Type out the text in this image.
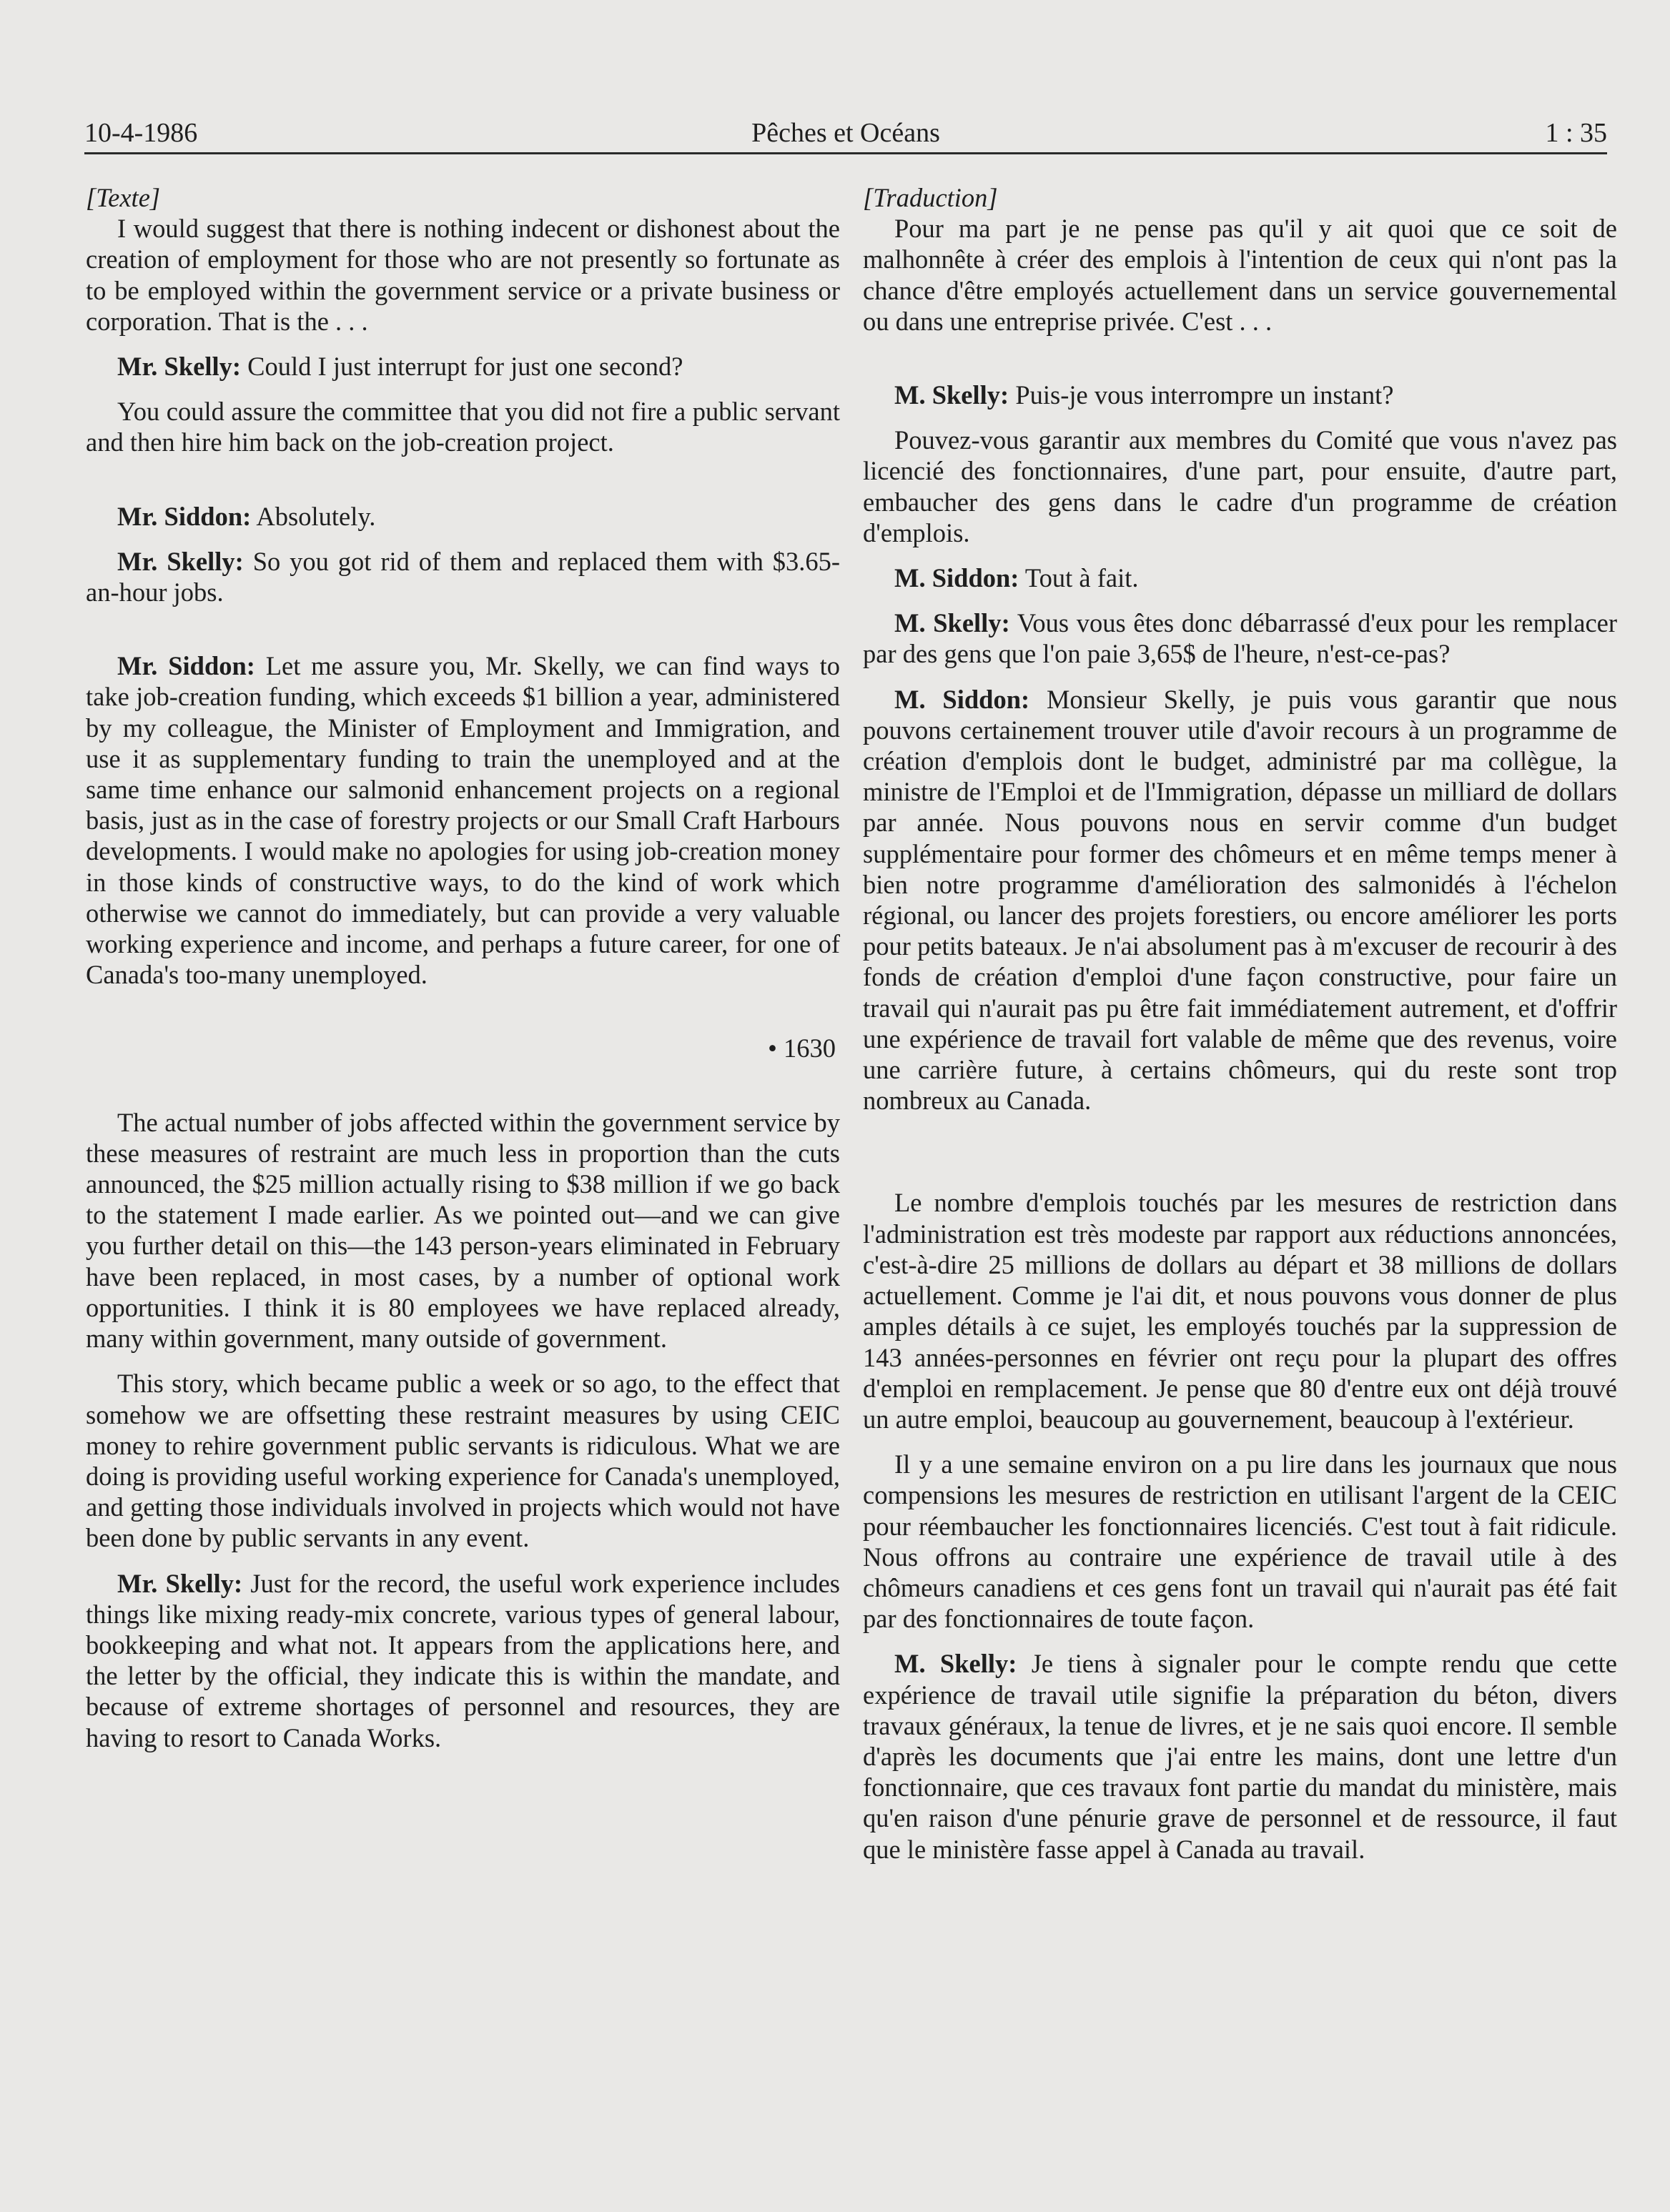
10-4-1986	Pêches et Océans	1 : 35
[Texte]

I would suggest that there is nothing indecent or dishonest about the creation of employment for those who are not presently so fortunate as to be employed within the government service or a private business or corporation. That is the . . .

Mr. Skelly: Could I just interrupt for just one second?

You could assure the committee that you did not fire a public servant and then hire him back on the job-creation project.

Mr. Siddon: Absolutely.

Mr. Skelly: So you got rid of them and replaced them with $3.65-an-hour jobs.

Mr. Siddon: Let me assure you, Mr. Skelly, we can find ways to take job-creation funding, which exceeds $1 billion a year, administered by my colleague, the Minister of Employment and Immigration, and use it as supplementary funding to train the unemployed and at the same time enhance our salmonid enhancement projects on a regional basis, just as in the case of forestry projects or our Small Craft Harbours developments. I would make no apologies for using job-creation money in those kinds of constructive ways, to do the kind of work which otherwise we cannot do immediately, but can provide a very valuable working experience and income, and perhaps a future career, for one of Canada's too-many unemployed.

• 1630

The actual number of jobs affected within the government service by these measures of restraint are much less in proportion than the cuts announced, the $25 million actually rising to $38 million if we go back to the statement I made earlier. As we pointed out—and we can give you further detail on this—the 143 person-years eliminated in February have been replaced, in most cases, by a number of optional work opportunities. I think it is 80 employees we have replaced already, many within government, many outside of government.

This story, which became public a week or so ago, to the effect that somehow we are offsetting these restraint measures by using CEIC money to rehire government public servants is ridiculous. What we are doing is providing useful working experience for Canada's unemployed, and getting those individuals involved in projects which would not have been done by public servants in any event.

Mr. Skelly: Just for the record, the useful work experience includes things like mixing ready-mix concrete, various types of general labour, bookkeeping and what not. It appears from the applications here, and the letter by the official, they indicate this is within the mandate, and because of extreme shortages of personnel and resources, they are having to resort to Canada Works.

[Traduction]

Pour ma part je ne pense pas qu'il y ait quoi que ce soit de malhonnête à créer des emplois à l'intention de ceux qui n'ont pas la chance d'être employés actuellement dans un service gouvernemental ou dans une entreprise privée. C'est . . .

M. Skelly: Puis-je vous interrompre un instant?

Pouvez-vous garantir aux membres du Comité que vous n'avez pas licencié des fonctionnaires, d'une part, pour ensuite, d'autre part, embaucher des gens dans le cadre d'un programme de création d'emplois.

M. Siddon: Tout à fait.

M. Skelly: Vous vous êtes donc débarrassé d'eux pour les remplacer par des gens que l'on paie 3,65$ de l'heure, n'est-ce-pas?

M. Siddon: Monsieur Skelly, je puis vous garantir que nous pouvons certainement trouver utile d'avoir recours à un programme de création d'emplois dont le budget, administré par ma collègue, la ministre de l'Emploi et de l'Immigration, dépasse un milliard de dollars par année. Nous pouvons nous en servir comme d'un budget supplémentaire pour former des chômeurs et en même temps mener à bien notre programme d'amélioration des salmonidés à l'échelon régional, ou lancer des projets forestiers, ou encore améliorer les ports pour petits bateaux. Je n'ai absolument pas à m'excuser de recourir à des fonds de création d'emploi d'une façon constructive, pour faire un travail qui n'aurait pas pu être fait immédiatement autrement, et d'offrir une expérience de travail fort valable de même que des revenus, voire une carrière future, à certains chômeurs, qui du reste sont trop nombreux au Canada.

Le nombre d'emplois touchés par les mesures de restriction dans l'administration est très modeste par rapport aux réductions annoncées, c'est-à-dire 25 millions de dollars au départ et 38 millions de dollars actuellement. Comme je l'ai dit, et nous pouvons vous donner de plus amples détails à ce sujet, les employés touchés par la suppression de 143 années-personnes en février ont reçu pour la plupart des offres d'emploi en remplacement. Je pense que 80 d'entre eux ont déjà trouvé un autre emploi, beaucoup au gouvernement, beaucoup à l'extérieur.

Il y a une semaine environ on a pu lire dans les journaux que nous compensions les mesures de restriction en utilisant l'argent de la CEIC pour réembaucher les fonctionnaires licenciés. C'est tout à fait ridicule. Nous offrons au contraire une expérience de travail utile à des chômeurs canadiens et ces gens font un travail qui n'aurait pas été fait par des fonctionnaires de toute façon.

M. Skelly: Je tiens à signaler pour le compte rendu que cette expérience de travail utile signifie la préparation du béton, divers travaux généraux, la tenue de livres, et je ne sais quoi encore. Il semble d'après les documents que j'ai entre les mains, dont une lettre d'un fonctionnaire, que ces travaux font partie du mandat du ministère, mais qu'en raison d'une pénurie grave de personnel et de ressource, il faut que le ministère fasse appel à Canada au travail.
